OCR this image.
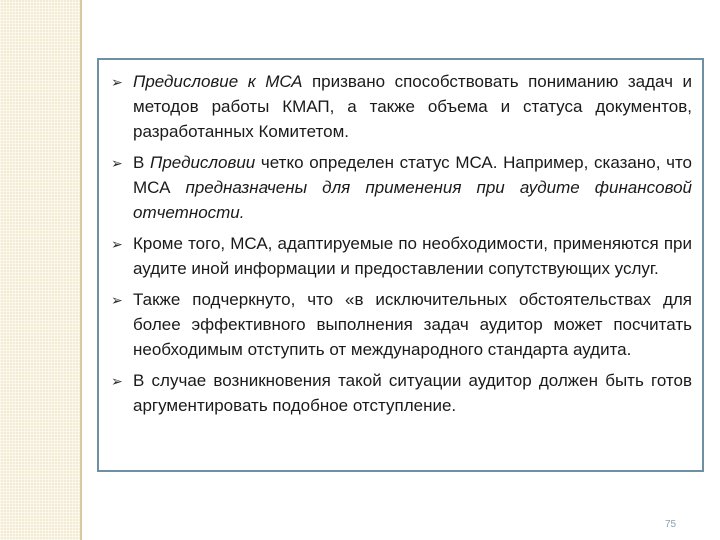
➢ Предисловие к МСА призвано способствовать пониманию задач и методов работы КМАП, а также объема и статуса документов, разработанных Комитетом.
➢ В Предисловии четко определен статус МСА. Например, сказано, что МСА предназначены для применения при аудите финансовой отчетности.
➢ Кроме того, МСА, адаптируемые по необходимости, применяются при аудите иной информации и предоставлении сопутствующих услуг.
➢ Также подчеркнуто, что «в исключительных обстоятельствах для более эффективного выполнения задач аудитор может посчитать необходимым отступить от международного стандарта аудита.
➢ В случае возникновения такой ситуации аудитор должен быть готов аргументировать подобное отступление.
75
